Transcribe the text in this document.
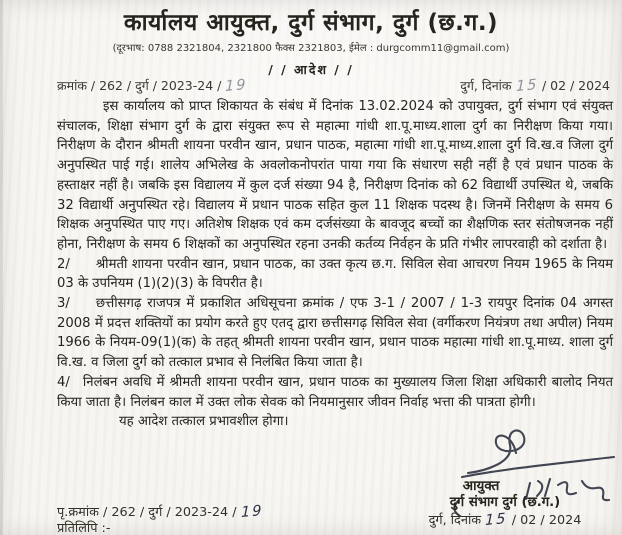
कार्यालय आयुक्त, दुर्ग संभाग, दुर्ग (छ.ग.)
(दूरभाष: 0788 2321804, 2321800 फैक्स 2321803, ईमेल : durgcomm11@gmail.com)
/ / आदेश / /
क्रमांक / 262 / दुर्ग / 2023-24 / 19	दुर्ग, दिनांक 15 / 02 / 2024

इस कार्यालय को प्राप्त शिकायत के संबंध में दिनांक 13.02.2024 को उपायुक्त, दुर्ग संभाग एवं संयुक्त संचालक, शिक्षा संभाग दुर्ग के द्वारा संयुक्त रूप से महात्मा गांधी शा.पू.माध्य.शाला दुर्ग का निरीक्षण किया गया। निरीक्षण के दौरान श्रीमती शायना परवीन खान, प्रधान पाठक, महात्मा गांधी शा.पू.माध्य.शाला दुर्ग वि.ख.व जिला दुर्ग अनुपस्थित पाई गई। शालेय अभिलेख के अवलोकनोपरांत पाया गया कि संधारण सही नहीं है एवं प्रधान पाठक के हस्ताक्षर नहीं है। जबकि इस विद्यालय में कुल दर्ज संख्या 94 है, निरीक्षण दिनांक को 62 विद्यार्थी उपस्थित थे, जबकि 32 विद्यार्थी अनुपस्थित रहे। विद्यालय में प्रधान पाठक सहित कुल 11 शिक्षक पदस्थ है। जिनमें निरीक्षण के समय 6 शिक्षक अनुपस्थित पाए गए। अतिशेष शिक्षक एवं कम दर्जसंख्या के बावजूद बच्चों का शैक्षणिक स्तर संतोषजनक नहीं होना, निरीक्षण के समय 6 शिक्षकों का अनुपस्थित रहना उनकी कर्तव्य निर्वहन के प्रति गंभीर लापरवाही को दर्शाता है।

2/ श्रीमती शायना परवीन खान, प्रधान पाठक, का उक्त कृत्य छ.ग. सिविल सेवा आचरण नियम 1965 के नियम 03 के उपनियम (1)(2)(3) के विपरीत है।

3/ छत्तीसगढ़ राजपत्र में प्रकाशित अधिसूचना क्रमांक / एफ 3-1 / 2007 / 1-3 रायपुर दिनांक 04 अगस्त 2008 में प्रदत्त शक्तियों का प्रयोग करते हुए एतद् द्वारा छत्तीसगढ़ सिविल सेवा (वर्गीकरण नियंत्रण तथा अपील) नियम 1966 के नियम-09(1)(क) के तहत् श्रीमती शायना परवीन खान, प्रधान पाठक महात्मा गांधी शा.पू.माध्य. शाला दुर्ग वि.ख. व जिला दुर्ग को तत्काल प्रभाव से निलंबित किया जाता है।

4/ निलंबन अवधि में श्रीमती शायना परवीन खान, प्रधान पाठक का मुख्यालय जिला शिक्षा अधिकारी बालोद नियत किया जाता है। निलंबन काल में उक्त लोक सेवक को नियमानुसार जीवन निर्वाह भत्ता की पात्रता होगी।

यह आदेश तत्काल प्रभावशील होगा।

आयुक्त
दुर्ग संभाग दुर्ग (छ.ग.)
दुर्ग, दिनांक 15 / 02 / 2024
पृ.क्रमांक / 262 / दुर्ग / 2023-24 / 19
प्रतिलिपि :-
